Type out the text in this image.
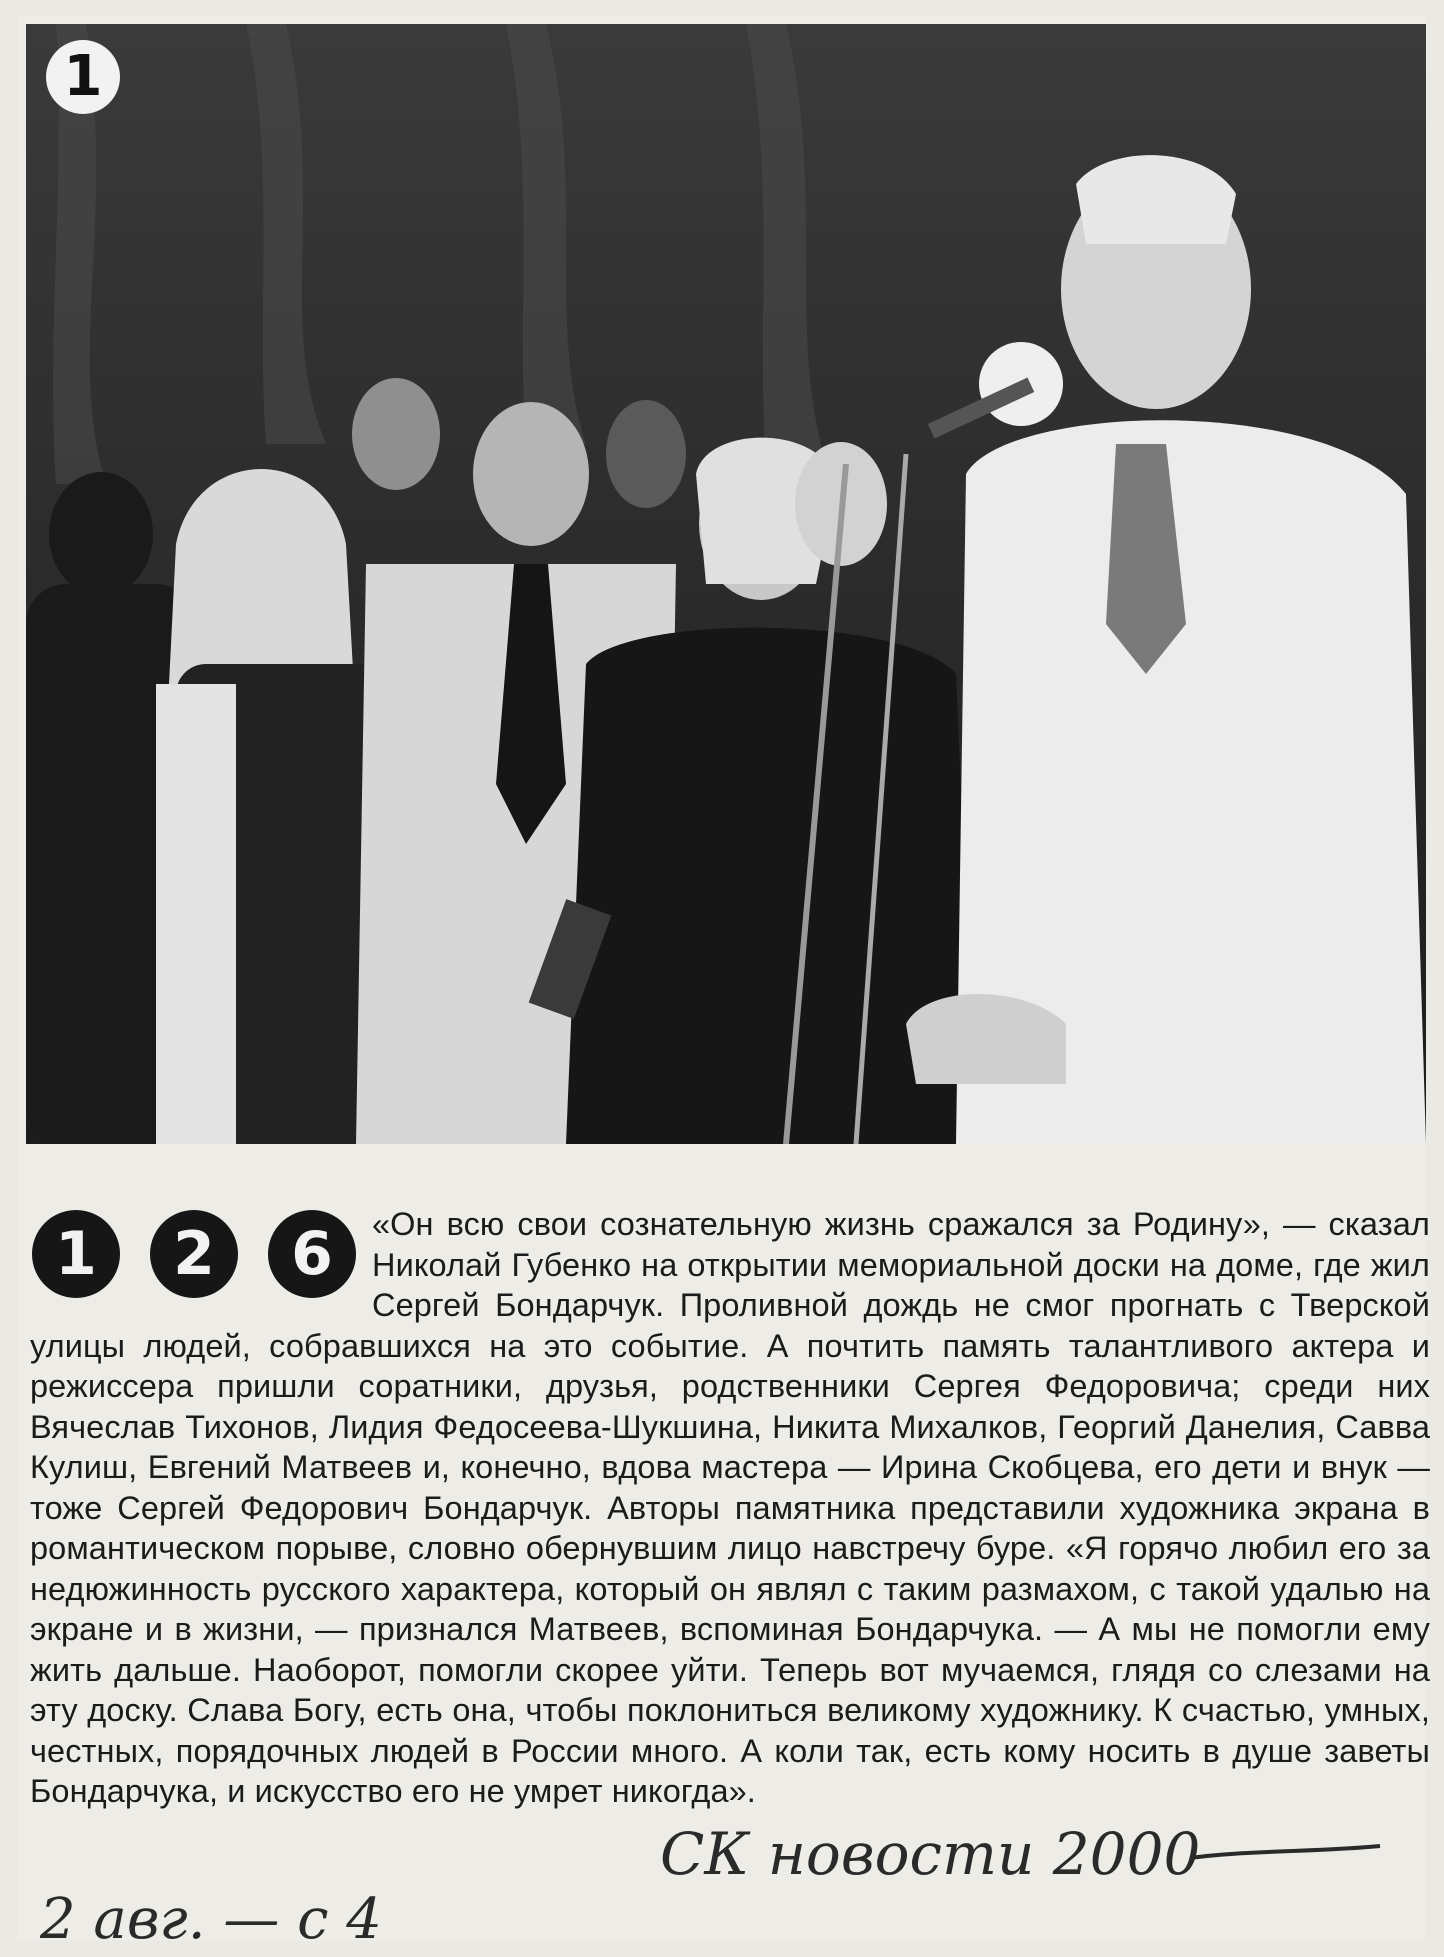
1
1	2	6	«Он всю свои сознательную жизнь сражался за Родину», — сказал Николай Губенко на открытии мемориальной доски на доме, где жил Сергей Бондарчук. Проливной дождь не смог прогнать с Тверской улицы людей, собравшихся на это событие. А почтить память талантливого актера и режиссера пришли соратники, друзья, родственники Сергея Федоровича; среди них Вячеслав Тихонов, Лидия Федосеева-Шукшина, Никита Михалков, Георгий Данелия, Савва Кулиш, Евгений Матвеев и, конечно, вдова мастера — Ирина Скобцева, его дети и внук — тоже Сергей Федорович Бондарчук. Авторы памятника представили художника экрана в романтическом порыве, словно обернувшим лицо навстречу буре. «Я горячо любил его за недюжинность русского характера, который он являл с таким размахом, с такой удалью на экране и в жизни, — признался Матвеев, вспоминая Бондарчука. — А мы не помогли ему жить дальше. Наоборот, помогли скорее уйти. Теперь вот мучаемся, глядя со слезами на эту доску. Слава Богу, есть она, чтобы поклониться великому художнику. К счастью, умных, честных, порядочных людей в России много. А коли так, есть кому носить в душе заветы Бондарчука, и искусство его не умрет никогда».

СК новости 2000
2 авг. — с 4
